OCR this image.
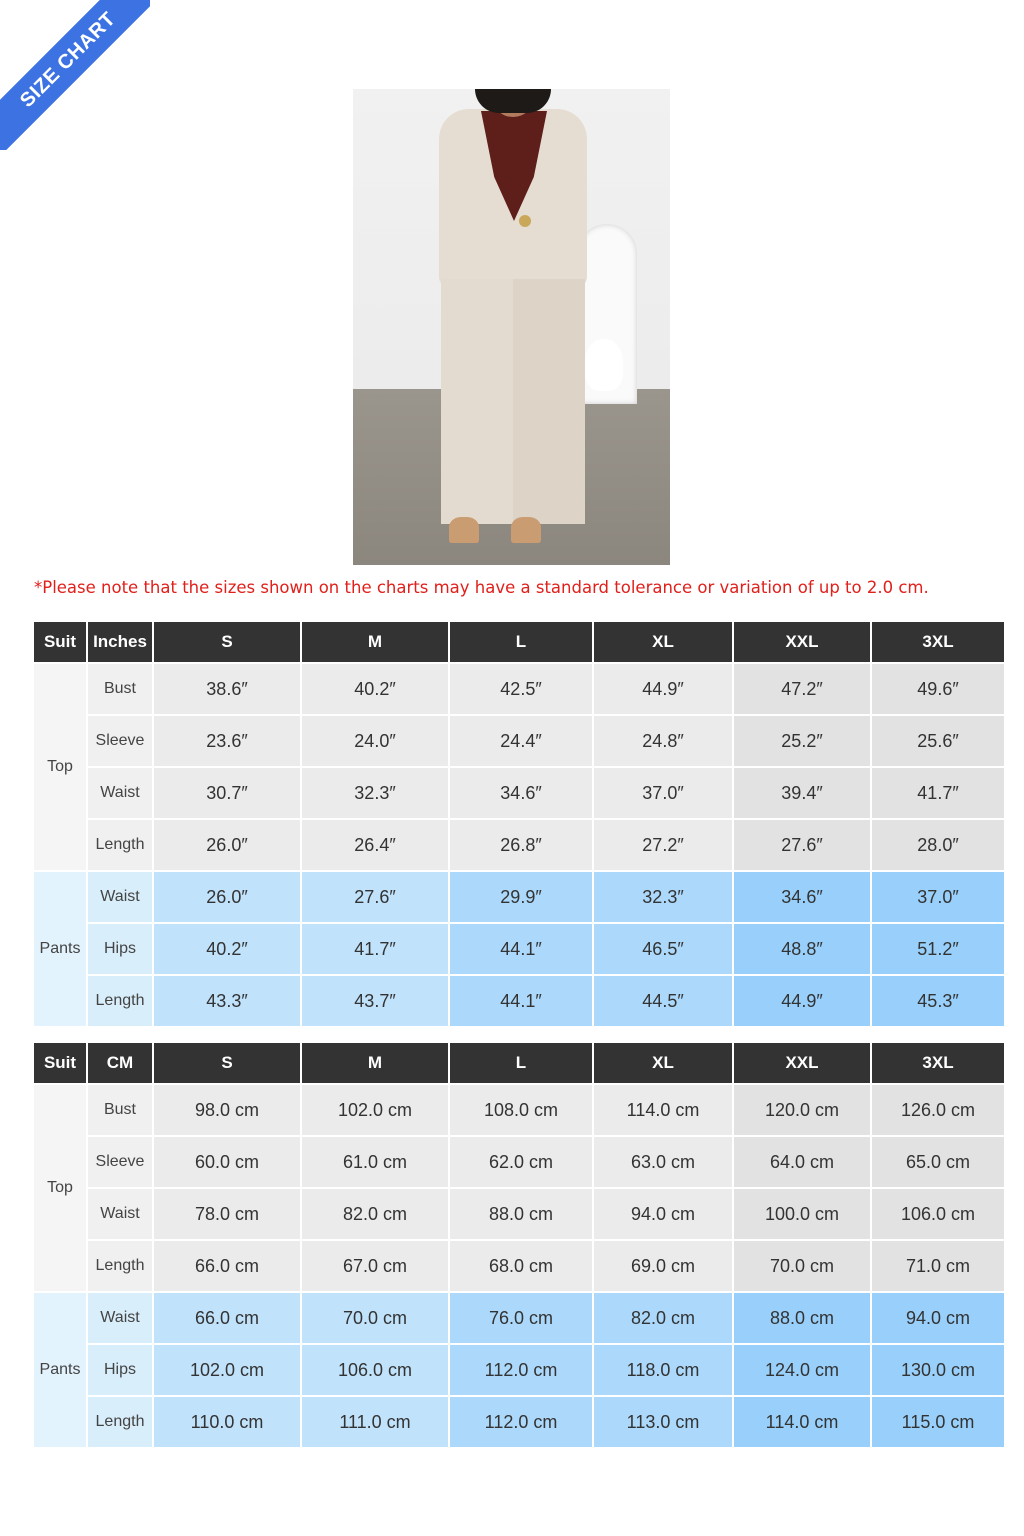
SIZE CHART
*Please note that the sizes shown on the charts may have a standard tolerance or variation of up to 2.0 cm.
Suit	Inches	S	M	L	XL	XXL	3XL
Top	Bust	38.6″	40.2″	42.5″	44.9″	47.2″	49.6″
	Sleeve	23.6″	24.0″	24.4″	24.8″	25.2″	25.6″
	Waist	30.7″	32.3″	34.6″	37.0″	39.4″	41.7″
	Length	26.0″	26.4″	26.8″	27.2″	27.6″	28.0″
Pants	Waist	26.0″	27.6″	29.9″	32.3″	34.6″	37.0″
	Hips	40.2″	41.7″	44.1″	46.5″	48.8″	51.2″
	Length	43.3″	43.7″	44.1″	44.5″	44.9″	45.3″
Suit	CM	S	M	L	XL	XXL	3XL
Top	Bust	98.0 cm	102.0 cm	108.0 cm	114.0 cm	120.0 cm	126.0 cm
	Sleeve	60.0 cm	61.0 cm	62.0 cm	63.0 cm	64.0 cm	65.0 cm
	Waist	78.0 cm	82.0 cm	88.0 cm	94.0 cm	100.0 cm	106.0 cm
	Length	66.0 cm	67.0 cm	68.0 cm	69.0 cm	70.0 cm	71.0 cm
Pants	Waist	66.0 cm	70.0 cm	76.0 cm	82.0 cm	88.0 cm	94.0 cm
	Hips	102.0 cm	106.0 cm	112.0 cm	118.0 cm	124.0 cm	130.0 cm
	Length	110.0 cm	111.0 cm	112.0 cm	113.0 cm	114.0 cm	115.0 cm
